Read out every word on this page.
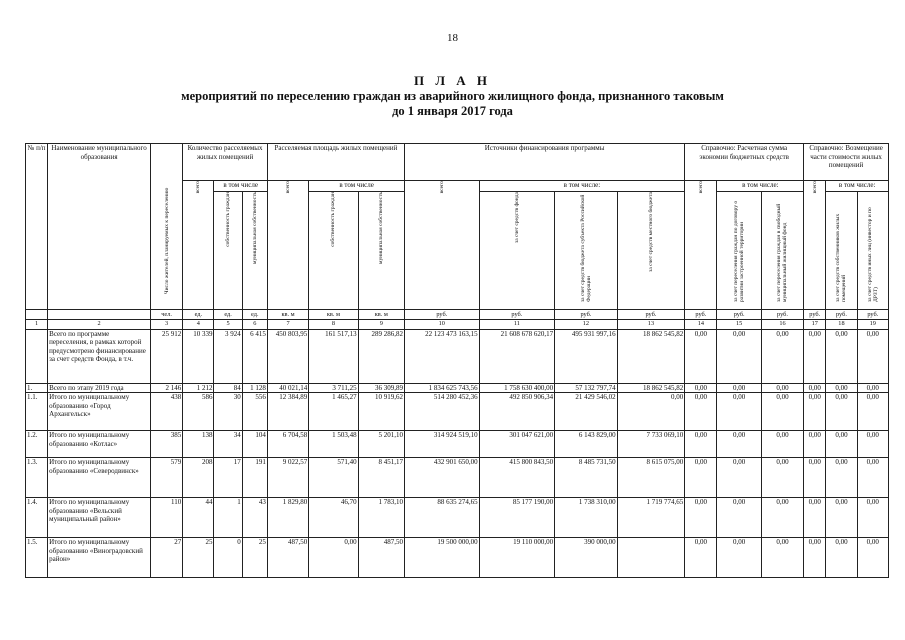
18
П Л А Н
мероприятий по переселению граждан из аварийного жилищного фонда, признанного таковым
до 1 января 2017 года
№ п/п	Наименование муниципального образования	Число жителей, планируемых к переселению	Количество расселяемых жилых помещений			Расселяемая площадь жилых помещений			Источники финансирования программы				Справочно: Расчетная сумма экономии бюджетных средств			Справочно: Возмещение части стоимости жилых помещений		

			всего	в том числе		всего	в том числе		всего	в том числе:			всего	в том числе:		всего	в том числе:	

				собственность граждан	муниципальная собственность		собственность граждан	муниципальная собственность		за счет средств фонда	за счет средств бюджета субъекта Российской Федерации	за счет средств местного бюджета		за счет переселения граждан по договору о развитии застроенной территории	за счет переселения граждан в свободный муниципальный жилищный фонд		за счет средств собственников жилых помещений	за счет средств иных лиц (инвестор и по ДРЗТ)

		чел.	ед.	ед.	ед.	кв. м	кв. м	кв. м	руб.	руб.	руб.	руб.	руб.	руб.	руб.	руб.	руб.	руб.
1	2	3	4	5	6	7	8	9	10	11	12	13	14	15	16	17	18	19
	Всего по программе переселения, в рамках которой предусмотрено финансирование за счет средств Фонда, в т.ч.	25 912	10 339	3 924	6 415	450 803,95	161 517,13	289 286,82	22 123 473 163,15	21 608 678 620,17	495 931 997,16	18 862 545,82	0,00	0,00	0,00	0,00	0,00	0,00
1.	Всего по этапу 2019 года	2 146	1 212	84	1 128	40 021,14	3 711,25	36 309,89	1 834 625 743,56	1 758 630 400,00	57 132 797,74	18 862 545,82	0,00	0,00	0,00	0,00	0,00	0,00
1.1.	Итого по муниципальному образованию «Город Архангельск»	438	586	30	556	12 384,89	1 465,27	10 919,62	514 280 452,36	492 850 906,34	21 429 546,02	0,00	0,00	0,00	0,00	0,00	0,00	0,00
1.2.	Итого по муниципальному образованию «Котлас»	385	138	34	104	6 704,58	1 503,48	5 201,10	314 924 519,10	301 047 621,00	6 143 829,00	7 733 069,10	0,00	0,00	0,00	0,00	0,00	0,00
1.3.	Итого по муниципальному образованию «Северодвинск»	579	208	17	191	9 022,57	571,40	8 451,17	432 901 650,00	415 800 843,50	8 485 731,50	8 615 075,00	0,00	0,00	0,00	0,00	0,00	0,00
1.4.	Итого по муниципальному образованию «Вельский муниципальный район»	110	44	1	43	1 829,80	46,70	1 783,10	88 635 274,65	85 177 190,00	1 738 310,00	1 719 774,65	0,00	0,00	0,00	0,00	0,00	0,00
1.5.	Итого по муниципальному образованию «Виноградовский район»	27	25	0	25	487,50	0,00	487,50	19 500 000,00	19 110 000,00	390 000,00		0,00	0,00	0,00	0,00	0,00	0,00
